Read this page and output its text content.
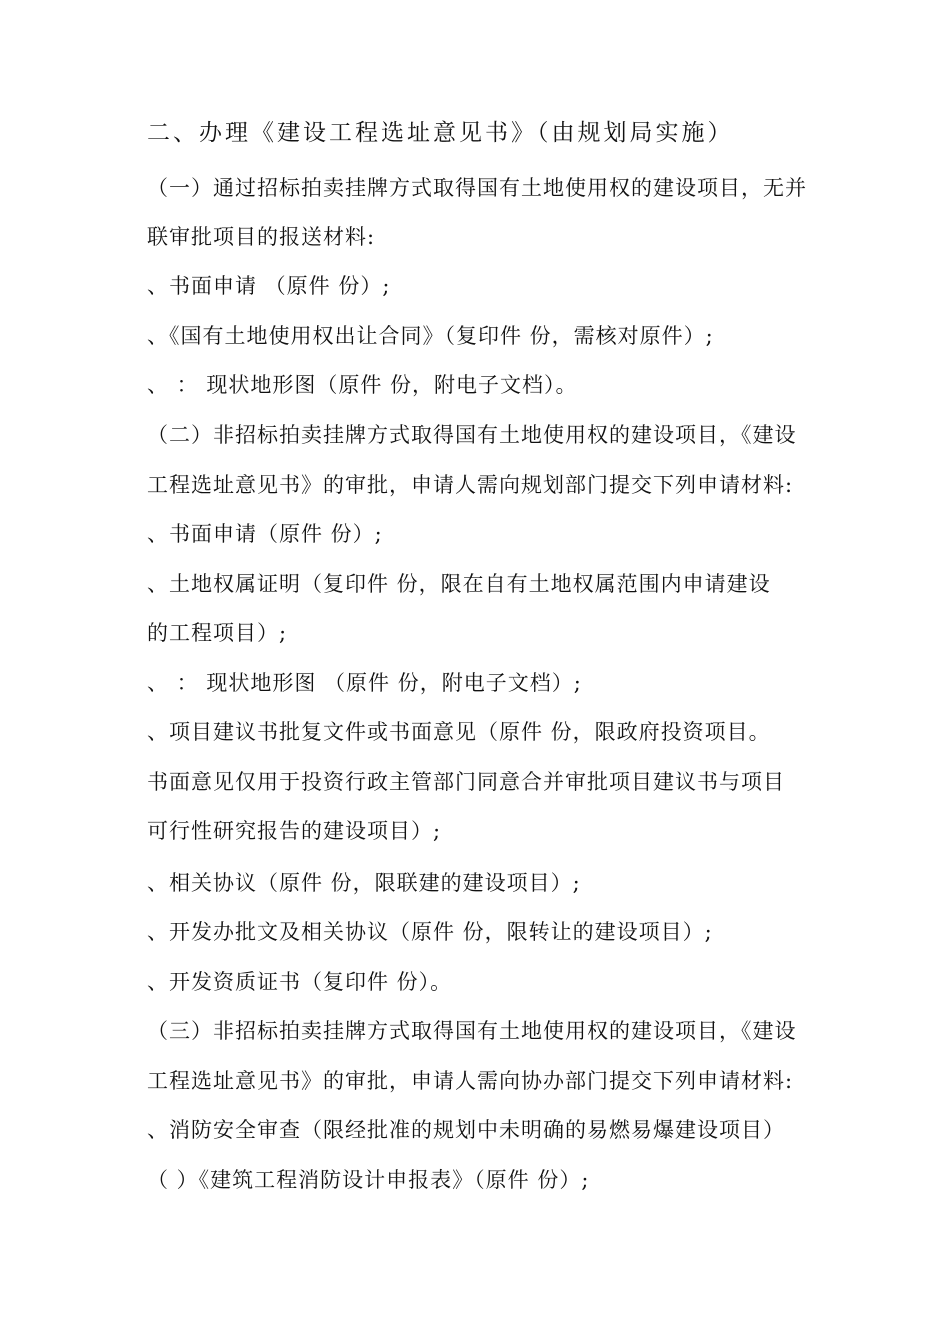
二、办理《建设工程选址意见书》（由规划局实施）
（一）通过招标拍卖挂牌方式取得国有土地使用权的建设项目，无并
联审批项目的报送材料:
、书面申请 （原件 份）;
、《国有土地使用权出让合同》（复印件 份，需核对原件）;
、 ： 现状地形图（原件 份，附电子文档）。
（二）非招标拍卖挂牌方式取得国有土地使用权的建设项目，《建设
工程选址意见书》的审批，申请人需向规划部门提交下列申请材料:
、书面申请（原件 份）;
、土地权属证明（复印件 份，限在自有土地权属范围内申请建设
的工程项目）;
、 ： 现状地形图 （原件 份，附电子文档）;
、项目建议书批复文件或书面意见（原件 份，限政府投资项目。
书面意见仅用于投资行政主管部门同意合并审批项目建议书与项目
可行性研究报告的建设项目）;
、相关协议（原件 份，限联建的建设项目）;
、开发办批文及相关协议（原件 份，限转让的建设项目）;
、开发资质证书（复印件 份）。
（三）非招标拍卖挂牌方式取得国有土地使用权的建设项目，《建设
工程选址意见书》的审批，申请人需向协办部门提交下列申请材料:
、消防安全审查（限经批准的规划中未明确的易燃易爆建设项目）
（ ）《建筑工程消防设计申报表》（原件 份）;
